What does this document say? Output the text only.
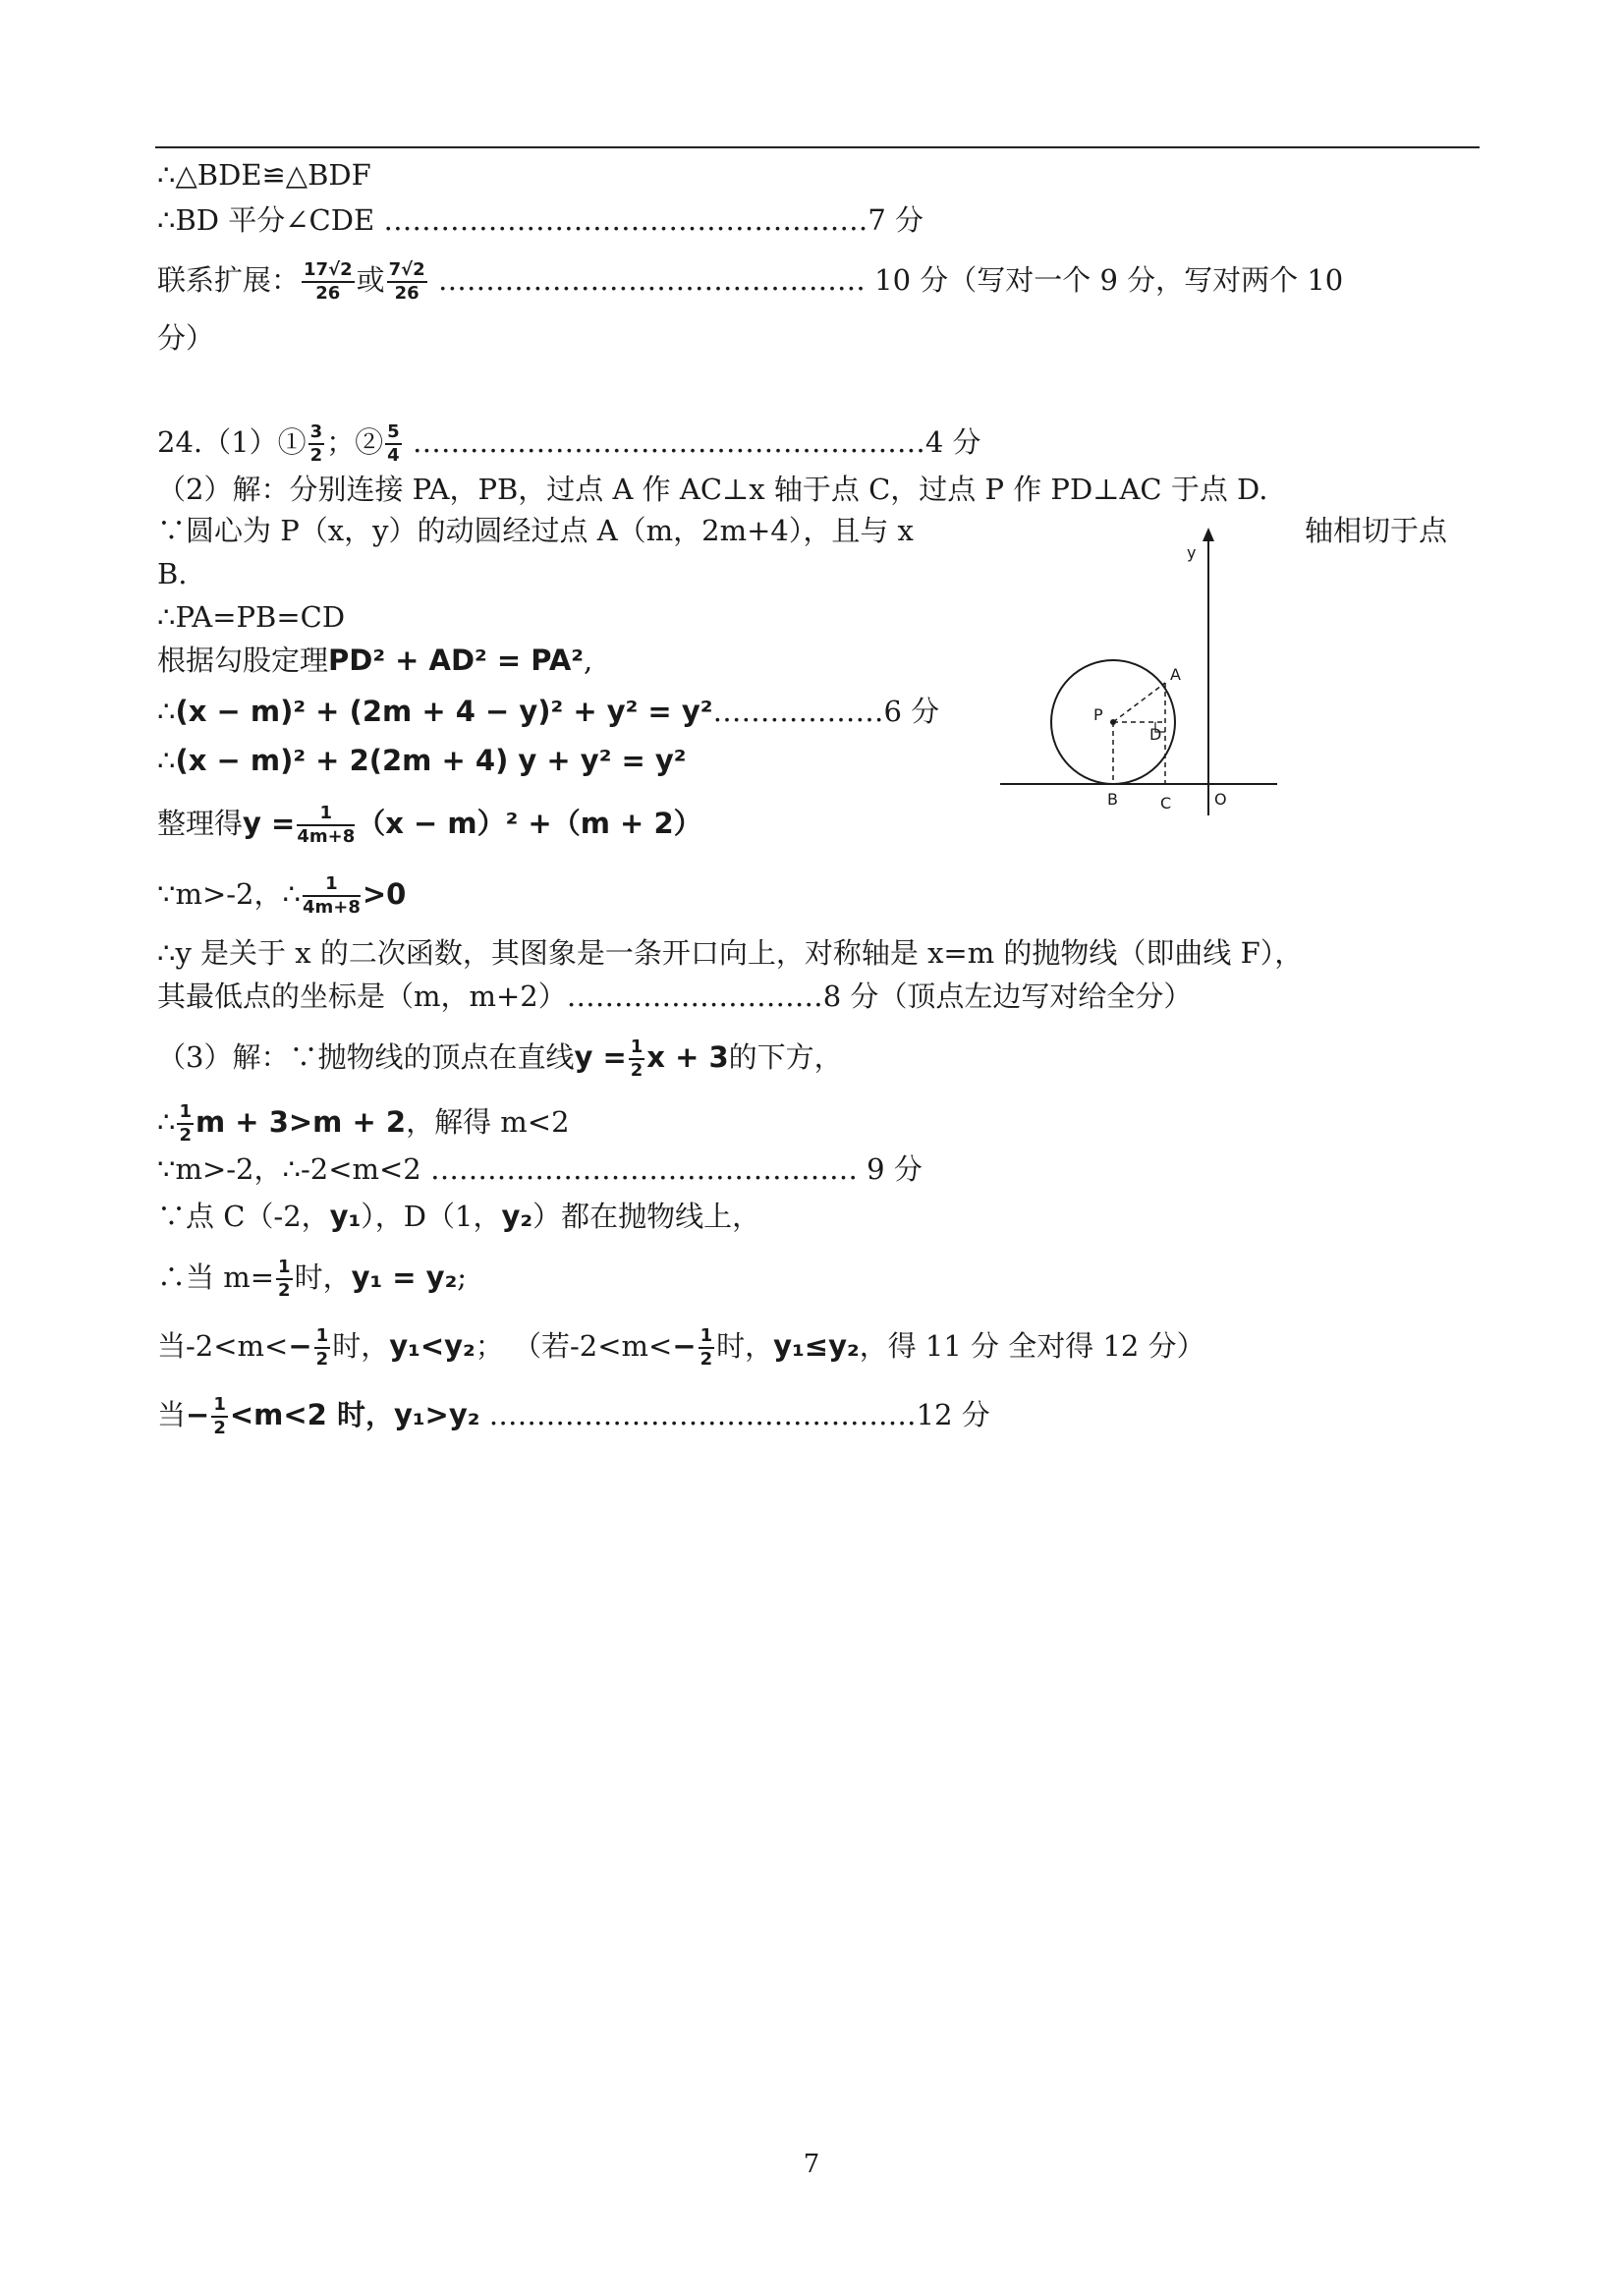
∴△BDE≌△BDF
∴BD 平分∠CDE ……………………………………………7 分
联系扩展： $\frac{17√2}{26}$ 或 $\frac{7√2}{26}$ ……………………………………… 10 分（写对一个 9 分，写对两个 10
分）
24.（1）① $\frac{3}{2}$ ；② $\frac{5}{4}$ ………………………………………………4 分
（2）解：分别连接 PA，PB，过点 A 作 AC⊥x 轴于点 C，过点 P 作 PD⊥AC 于点 D.
∵圆心为 P（x，y）的动圆经过点 A（m，2m+4），且与 x	轴相切于点
B.
∴PA=PB=CD
根据勾股定理PD² + AD² = PA²,
∴(x − m)² + (2m + 4 − y)² + y² = y²………………6 分
∴(x − m)² + 2(2m + 4) y + y² = y²
整理得$y = \frac{1}{4m+8} (x - m)^2 +(m + 2)$
∵m>-2，∴ $\frac{1}{4m+8} >0$
∴y 是关于 x 的二次函数，其图象是一条开口向上，对称轴是 x=m 的抛物线（即曲线 F），
其最低点的坐标是（m，m+2）………………………8 分（顶点左边写对给全分）
（3）解：∵抛物线的顶点在直线$y = \frac{1}{2}$ x + 3的下方，
∴ $\frac{1}{2}$ m + 3>m + 2，解得 m<2
∵m>-2，∴-2<m<2 ……………………………………… 9 分
∵点 C（-2，y₁），D（1，y₂）都在抛物线上，
∴当 $m= \frac{1}{2}$ 时，y₁ = y₂;
当$-2<m<- \frac{1}{2}$ 时，y₁<y₂； （若$-2<m<- \frac{1}{2}$ 时，y₁≤y₂，得 11 分 全对得 12 分）
当− $\frac{1}{2} <m<2$ 时，y₁>y₂ ………………………………………12 分
y
A
P
D
B	C	O
7
